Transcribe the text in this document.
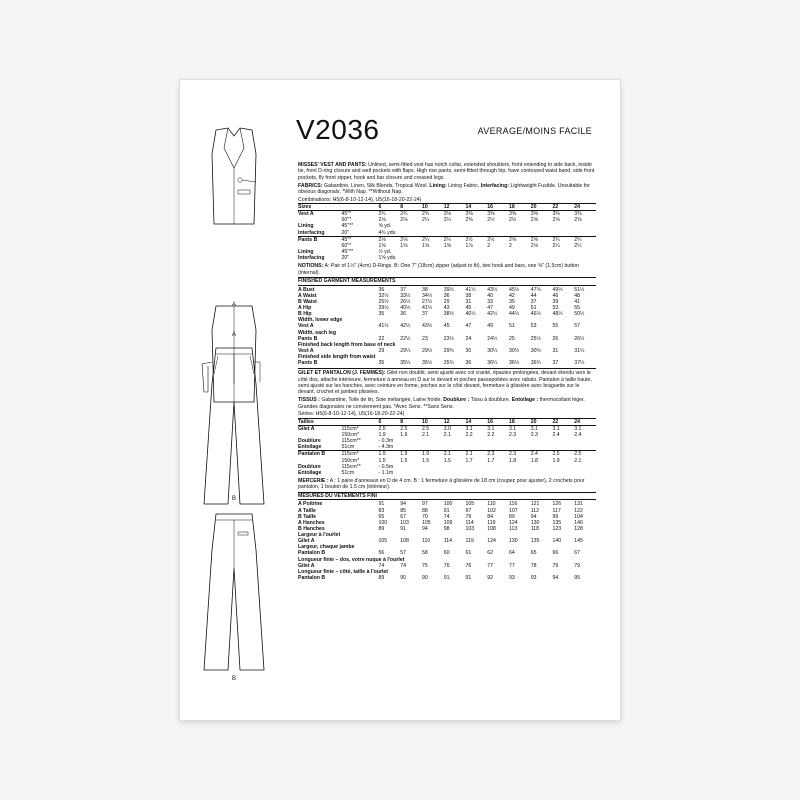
A
A
B
B
V2036	AVERAGE/MOINS FACILE

MISSES' VEST AND PANTS: Unlined, semi-fitted vest has notch collar, extended shoulders, front extending to side back, inside tie, front D-ring closure and welt pockets with flaps. High rise pants, semi-fitted through hip, have contoured waist band, side front pockets, fly front zipper, hook and bar closure and creased legs.

FABRICS: Gabardine, Linen, Silk Blends, Tropical Wool. Lining: Lining Fabric. Interfacing: Lightweight Fusible. Unsuitable for obvious diagonals. *With Nap. **Without Nap.

Combinations: H5(6-8-10-12-14), U5(16-18-20-22-24)
Sizes		6	8	10	12	14	16	18	20	22	24
Vest A	45"*	2¾	2¾	2¾	3⅛	3⅜	3⅜	3⅜	3⅜	3⅜	3⅜
	60"*	2⅛	2⅛	2¼	2¼	2⅜	2½	2½	2⅝	2⅝	2⅝
Lining	45"**	⅝ yd.									
Interfacing	20"	4¾ yds.									
Pants B	45"*	2⅛	2⅛	2¼	2¼	2½	2½	2⅝	2⅝	2¾	2¾
	60"*	1⅝	1⅝	1⅝	1⅝	1⅞	2	2	2⅛	2¼	2¼
Lining	45"**	½ yd.									
Interfacing	20"	1⅝ yds.									

NOTIONS: A: Pair of 1½" (4cm) D-Rings. B: One 7" (18cm) zipper (adjust to fit), two hook and bars, one ⅝" (1.5cm) button (internal).

FINISHED GARMENT MEASUREMENTS
A Bust		36	37	38	39½	41½	43½	45½	47½	49½	51½
A Waist		32½	33½	34½	36	38	40	42	44	46	48
B Waist		25½	26½	27½	29	31	33	35	37	39	41
A Hip		39½	40½	41½	43	45	47	49	51	53	55
B Hip		35	36	37	38½	40½	42½	44½	46½	48½	50½
Width, lower edge											
Vest A		41½	42½	43½	45	47	49	51	53	55	57
Width, each leg											
Pants B		22	22½	23	23½	24	24½	25	25½	26	26½
Finished back length from base of neck											
Vest A		29	29¼	29½	29¾	30	30¼	30½	30¾	31	31¼
Finished side length from waist											
Pants B		35	35¼	35½	35¾	36	36¼	36½	36¾	37	37¼

GILET ET PANTALON (J. FEMMES): Gilet non doublé, semi ajusté avec col cranté, épaules prolongées, devant étendu vers le côté dos, attache intérieure, fermeture à anneau en D sur le devant et poches passepoilées avec rabats. Pantalon à taille haute, semi ajusté sur les hanches, avec ceinture en forme, poches sur le côté devant, fermeture à glissière avec braguette sur le devant, crochet et jambes plissées.

TISSUS : Gabardine, Toile de lin, Soie mélangée, Laine froide. Doublure : Tissu à doublure. Entoilage : thermocollant léger. Grandes diagonales ne conviennent pas. *Avec Sens. **Sans Sens.

Séries: H5(6-8-10-12-14), U5(16-18-20-22-24)
Tailles		6	8	10	12	14	16	18	20	22	24
Gilet A	115cm*	2.5	2.5	2.5	3.0	3.1	3.1	3.1	3.1	3.1	3.1
	150cm*	1.9	1.9	2.1	2.1	2.2	2.2	2.3	2.3	2.4	2.4
Doublure	115cm**	- 0.3m									
Entoilage	51cm	- 4.3m									
Pantalon B	115cm*	1.9	1.9	1.9	2.1	2.1	2.3	2.3	2.4	2.5	2.5
	150cm*	1.5	1.5	1.5	1.5	1.7	1.7	1.8	1.8	1.9	2.1
Doublure	115cm**	- 0.5m									
Entoilage	51cm	- 1.1m									

MERCERIE : A : 1 paire d'anneaux en D de 4 cm. B : 1 fermeture à glissière de 18 cm (coupez pour ajuster), 2 crochets pour pantalon, 1 bouton de 1.5 cm (intérieur).

MESURES DU VÊTEMENTS FINI
A Poitrine		91	94	97	100	105	110	116	121	126	131
A Taille		83	85	88	91	97	102	107	112	117	122
B Taille		65	67	70	74	79	84	89	94	99	104
A Hanches		100	103	105	109	114	119	124	130	135	140
B Hanches		89	91	94	98	103	108	113	118	123	128
Largeur à l'ourlet											
Gilet A		105	108	110	114	119	124	130	135	140	145
Largeur, chaque jambe											
Pantalon B		56	57	58	60	61	62	64	65	66	67
Longueur finie – dos, votre nuque à l'ourlet											
Gilet A		74	74	75	76	76	77	77	78	79	79
Longueur finie – côté, taille à l'ourlet											
Pantalon B		89	90	90	91	91	92	93	93	94	95
